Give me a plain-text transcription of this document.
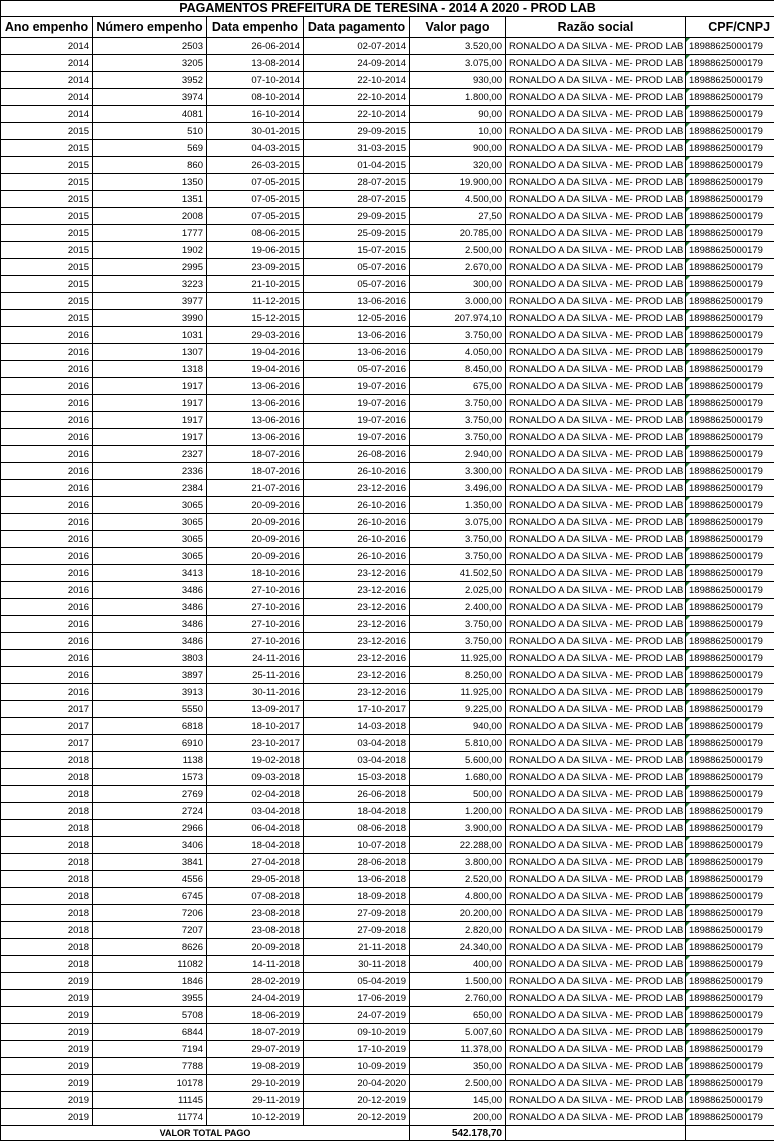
PAGAMENTOS PREFEITURA DE TERESINA - 2014 A 2020 - PROD LAB						
Ano empenho	Número empenho	Data empenho	Data pagamento	Valor pago	Razão social	CPF/CNPJ
2014	2503	26-06-2014	02-07-2014	3.520,00	RONALDO A DA SILVA - ME- PROD LAB	18988625000179
2014	3205	13-08-2014	24-09-2014	3.075,00	RONALDO A DA SILVA - ME- PROD LAB	18988625000179
2014	3952	07-10-2014	22-10-2014	930,00	RONALDO A DA SILVA - ME- PROD LAB	18988625000179
2014	3974	08-10-2014	22-10-2014	1.800,00	RONALDO A DA SILVA - ME- PROD LAB	18988625000179
2014	4081	16-10-2014	22-10-2014	90,00	RONALDO A DA SILVA - ME- PROD LAB	18988625000179
2015	510	30-01-2015	29-09-2015	10,00	RONALDO A DA SILVA - ME- PROD LAB	18988625000179
2015	569	04-03-2015	31-03-2015	900,00	RONALDO A DA SILVA - ME- PROD LAB	18988625000179
2015	860	26-03-2015	01-04-2015	320,00	RONALDO A DA SILVA - ME- PROD LAB	18988625000179
2015	1350	07-05-2015	28-07-2015	19.900,00	RONALDO A DA SILVA - ME- PROD LAB	18988625000179
2015	1351	07-05-2015	28-07-2015	4.500,00	RONALDO A DA SILVA - ME- PROD LAB	18988625000179
2015	2008	07-05-2015	29-09-2015	27,50	RONALDO A DA SILVA - ME- PROD LAB	18988625000179
2015	1777	08-06-2015	25-09-2015	20.785,00	RONALDO A DA SILVA - ME- PROD LAB	18988625000179
2015	1902	19-06-2015	15-07-2015	2.500,00	RONALDO A DA SILVA - ME- PROD LAB	18988625000179
2015	2995	23-09-2015	05-07-2016	2.670,00	RONALDO A DA SILVA - ME- PROD LAB	18988625000179
2015	3223	21-10-2015	05-07-2016	300,00	RONALDO A DA SILVA - ME- PROD LAB	18988625000179
2015	3977	11-12-2015	13-06-2016	3.000,00	RONALDO A DA SILVA - ME- PROD LAB	18988625000179
2015	3990	15-12-2015	12-05-2016	207.974,10	RONALDO A DA SILVA - ME- PROD LAB	18988625000179
2016	1031	29-03-2016	13-06-2016	3.750,00	RONALDO A DA SILVA - ME- PROD LAB	18988625000179
2016	1307	19-04-2016	13-06-2016	4.050,00	RONALDO A DA SILVA - ME- PROD LAB	18988625000179
2016	1318	19-04-2016	05-07-2016	8.450,00	RONALDO A DA SILVA - ME- PROD LAB	18988625000179
2016	1917	13-06-2016	19-07-2016	675,00	RONALDO A DA SILVA - ME- PROD LAB	18988625000179
2016	1917	13-06-2016	19-07-2016	3.750,00	RONALDO A DA SILVA - ME- PROD LAB	18988625000179
2016	1917	13-06-2016	19-07-2016	3.750,00	RONALDO A DA SILVA - ME- PROD LAB	18988625000179
2016	1917	13-06-2016	19-07-2016	3.750,00	RONALDO A DA SILVA - ME- PROD LAB	18988625000179
2016	2327	18-07-2016	26-08-2016	2.940,00	RONALDO A DA SILVA - ME- PROD LAB	18988625000179
2016	2336	18-07-2016	26-10-2016	3.300,00	RONALDO A DA SILVA - ME- PROD LAB	18988625000179
2016	2384	21-07-2016	23-12-2016	3.496,00	RONALDO A DA SILVA - ME- PROD LAB	18988625000179
2016	3065	20-09-2016	26-10-2016	1.350,00	RONALDO A DA SILVA - ME- PROD LAB	18988625000179
2016	3065	20-09-2016	26-10-2016	3.075,00	RONALDO A DA SILVA - ME- PROD LAB	18988625000179
2016	3065	20-09-2016	26-10-2016	3.750,00	RONALDO A DA SILVA - ME- PROD LAB	18988625000179
2016	3065	20-09-2016	26-10-2016	3.750,00	RONALDO A DA SILVA - ME- PROD LAB	18988625000179
2016	3413	18-10-2016	23-12-2016	41.502,50	RONALDO A DA SILVA - ME- PROD LAB	18988625000179
2016	3486	27-10-2016	23-12-2016	2.025,00	RONALDO A DA SILVA - ME- PROD LAB	18988625000179
2016	3486	27-10-2016	23-12-2016	2.400,00	RONALDO A DA SILVA - ME- PROD LAB	18988625000179
2016	3486	27-10-2016	23-12-2016	3.750,00	RONALDO A DA SILVA - ME- PROD LAB	18988625000179
2016	3486	27-10-2016	23-12-2016	3.750,00	RONALDO A DA SILVA - ME- PROD LAB	18988625000179
2016	3803	24-11-2016	23-12-2016	11.925,00	RONALDO A DA SILVA - ME- PROD LAB	18988625000179
2016	3897	25-11-2016	23-12-2016	8.250,00	RONALDO A DA SILVA - ME- PROD LAB	18988625000179
2016	3913	30-11-2016	23-12-2016	11.925,00	RONALDO A DA SILVA - ME- PROD LAB	18988625000179
2017	5550	13-09-2017	17-10-2017	9.225,00	RONALDO A DA SILVA - ME- PROD LAB	18988625000179
2017	6818	18-10-2017	14-03-2018	940,00	RONALDO A DA SILVA - ME- PROD LAB	18988625000179
2017	6910	23-10-2017	03-04-2018	5.810,00	RONALDO A DA SILVA - ME- PROD LAB	18988625000179
2018	1138	19-02-2018	03-04-2018	5.600,00	RONALDO A DA SILVA - ME- PROD LAB	18988625000179
2018	1573	09-03-2018	15-03-2018	1.680,00	RONALDO A DA SILVA - ME- PROD LAB	18988625000179
2018	2769	02-04-2018	26-06-2018	500,00	RONALDO A DA SILVA - ME- PROD LAB	18988625000179
2018	2724	03-04-2018	18-04-2018	1.200,00	RONALDO A DA SILVA - ME- PROD LAB	18988625000179
2018	2966	06-04-2018	08-06-2018	3.900,00	RONALDO A DA SILVA - ME- PROD LAB	18988625000179
2018	3406	18-04-2018	10-07-2018	22.288,00	RONALDO A DA SILVA - ME- PROD LAB	18988625000179
2018	3841	27-04-2018	28-06-2018	3.800,00	RONALDO A DA SILVA - ME- PROD LAB	18988625000179
2018	4556	29-05-2018	13-06-2018	2.520,00	RONALDO A DA SILVA - ME- PROD LAB	18988625000179
2018	6745	07-08-2018	18-09-2018	4.800,00	RONALDO A DA SILVA - ME- PROD LAB	18988625000179
2018	7206	23-08-2018	27-09-2018	20.200,00	RONALDO A DA SILVA - ME- PROD LAB	18988625000179
2018	7207	23-08-2018	27-09-2018	2.820,00	RONALDO A DA SILVA - ME- PROD LAB	18988625000179
2018	8626	20-09-2018	21-11-2018	24.340,00	RONALDO A DA SILVA - ME- PROD LAB	18988625000179
2018	11082	14-11-2018	30-11-2018	400,00	RONALDO A DA SILVA - ME- PROD LAB	18988625000179
2019	1846	28-02-2019	05-04-2019	1.500,00	RONALDO A DA SILVA - ME- PROD LAB	18988625000179
2019	3955	24-04-2019	17-06-2019	2.760,00	RONALDO A DA SILVA - ME- PROD LAB	18988625000179
2019	5708	18-06-2019	24-07-2019	650,00	RONALDO A DA SILVA - ME- PROD LAB	18988625000179
2019	6844	18-07-2019	09-10-2019	5.007,60	RONALDO A DA SILVA - ME- PROD LAB	18988625000179
2019	7194	29-07-2019	17-10-2019	11.378,00	RONALDO A DA SILVA - ME- PROD LAB	18988625000179
2019	7788	19-08-2019	10-09-2019	350,00	RONALDO A DA SILVA - ME- PROD LAB	18988625000179
2019	10178	29-10-2019	20-04-2020	2.500,00	RONALDO A DA SILVA - ME- PROD LAB	18988625000179
2019	11145	29-11-2019	20-12-2019	145,00	RONALDO A DA SILVA - ME- PROD LAB	18988625000179
2019	11774	10-12-2019	20-12-2019	200,00	RONALDO A DA SILVA - ME- PROD LAB	18988625000179
VALOR TOTAL PAGO				542.178,70		
